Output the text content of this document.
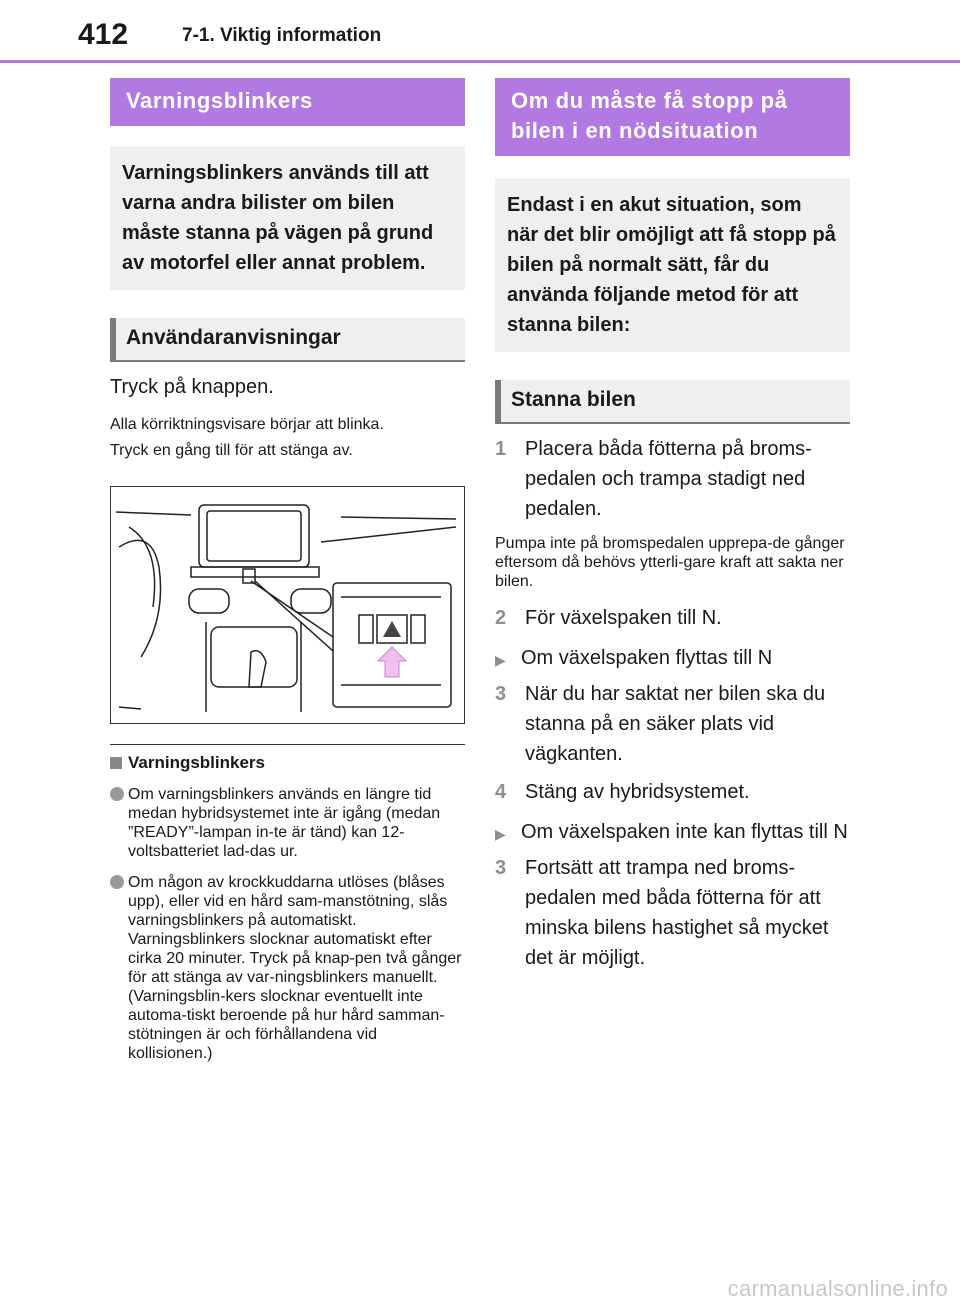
412	7-1. Viktig information
Varningsblinkers
Varningsblinkers används till att varna andra bilister om bilen måste stanna på vägen på grund av motorfel eller annat problem.
Användaranvisningar
Tryck på knappen.
Alla körriktningsvisare börjar att blinka.
Tryck en gång till för att stänga av.
Varningsblinkers
Om varningsblinkers används en längre tid medan hybridsystemet inte är igång (medan ”READY”-lampan in-te är tänd) kan 12-voltsbatteriet lad-das ur.
Om någon av krockkuddarna utlöses (blåses upp), eller vid en hård sam-manstötning, slås varningsblinkers på automatiskt.
Varningsblinkers slocknar automatiskt efter cirka 20 minuter. Tryck på knap-pen två gånger för att stänga av var-ningsblinkers manuellt. (Varningsblin-kers slocknar eventuellt inte automa-tiskt beroende på hur hård samman-stötningen är och förhållandena vid kollisionen.)
Om du måste få stopp på bilen i en nödsituation
Endast i en akut situation, som när det blir omöjligt att få stopp på bilen på normalt sätt, får du använda följande metod för att stanna bilen:
Stanna bilen
1 Placera båda fötterna på broms-pedalen och trampa stadigt ned pedalen.
Pumpa inte på bromspedalen upprepa-de gånger eftersom då behövs ytterli-gare kraft att sakta ner bilen.
2 För växelspaken till N.
▶ Om växelspaken flyttas till N
3 När du har saktat ner bilen ska du stanna på en säker plats vid vägkanten.
4 Stäng av hybridsystemet.
▶ Om växelspaken inte kan flyttas till N
3 Fortsätt att trampa ned broms-pedalen med båda fötterna för att minska bilens hastighet så mycket det är möjligt.
carmanualsonline.info
